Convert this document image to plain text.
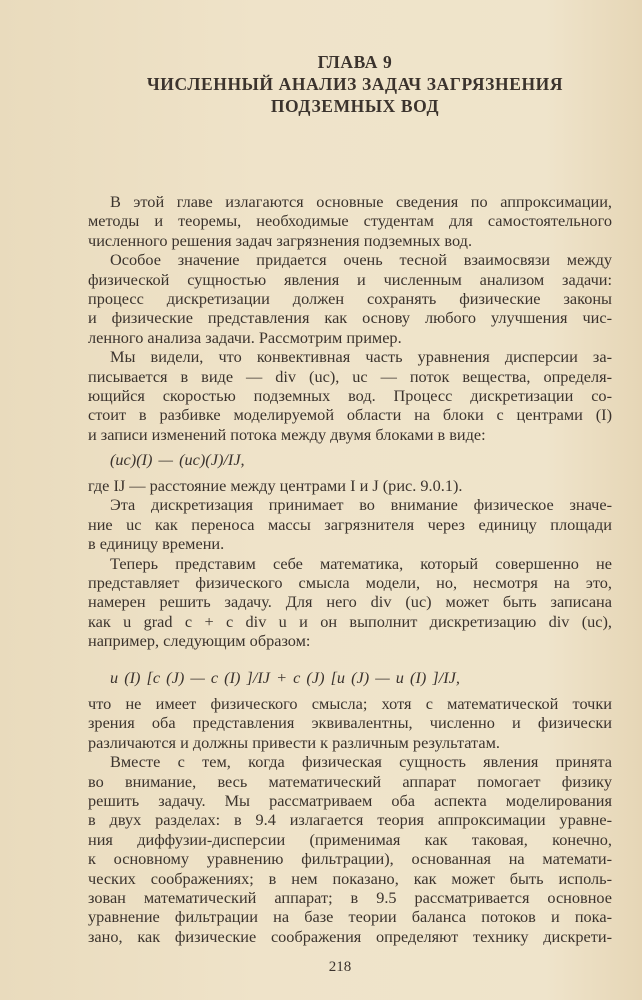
ГЛАВА 9
ЧИСЛЕННЫЙ АНАЛИЗ ЗАДАЧ ЗАГРЯЗНЕНИЯ
ПОДЗЕМНЫХ ВОД
В этой главе излагаются основные сведения по аппроксимации,
методы и теоремы, необходимые студентам для самостоятельного
численного решения задач загрязнения подземных вод.
Особое значение придается очень тесной взаимосвязи между
физической сущностью явления и численным анализом задачи:
процесс дискретизации должен сохранять физические законы
и физические представления как основу любого улучшения чис-
ленного анализа задачи. Рассмотрим пример.
Мы видели, что конвективная часть уравнения дисперсии за-
писывается в виде — div (uc), uc — поток вещества, определя-
ющийся скоростью подземных вод. Процесс дискретизации со-
стоит в разбивке моделируемой области на блоки с центрами (I)
и записи изменений потока между двумя блоками в виде:
(uc)(I) — (uc)(J)/IJ,
где IJ — расстояние между центрами I и J (рис. 9.0.1).
Эта дискретизация принимает во внимание физическое значе-
ние uc как переноса массы загрязнителя через единицу площади
в единицу времени.
Теперь представим себе математика, который совершенно не
представляет физического смысла модели, но, несмотря на это,
намерен решить задачу. Для него div (uc) может быть записана
как u grad c + c div u и он выполнит дискретизацию div (uc),
например, следующим образом:
u (I) [c (J) — c (I) ]/IJ + c (J) [u (J) — u (I) ]/IJ,
что не имеет физического смысла; хотя с математической точки
зрения оба представления эквивалентны, численно и физически
различаются и должны привести к различным результатам.
Вместе с тем, когда физическая сущность явления принята
во внимание, весь математический аппарат помогает физику
решить задачу. Мы рассматриваем оба аспекта моделирования
в двух разделах: в 9.4 излагается теория аппроксимации уравне-
ния диффузии-дисперсии (применимая как таковая, конечно,
к основному уравнению фильтрации), основанная на математи-
ческих соображениях; в нем показано, как может быть исполь-
зован математический аппарат; в 9.5 рассматривается основное
уравнение фильтрации на базе теории баланса потоков и пока-
зано, как физические соображения определяют технику дискрети-
218
